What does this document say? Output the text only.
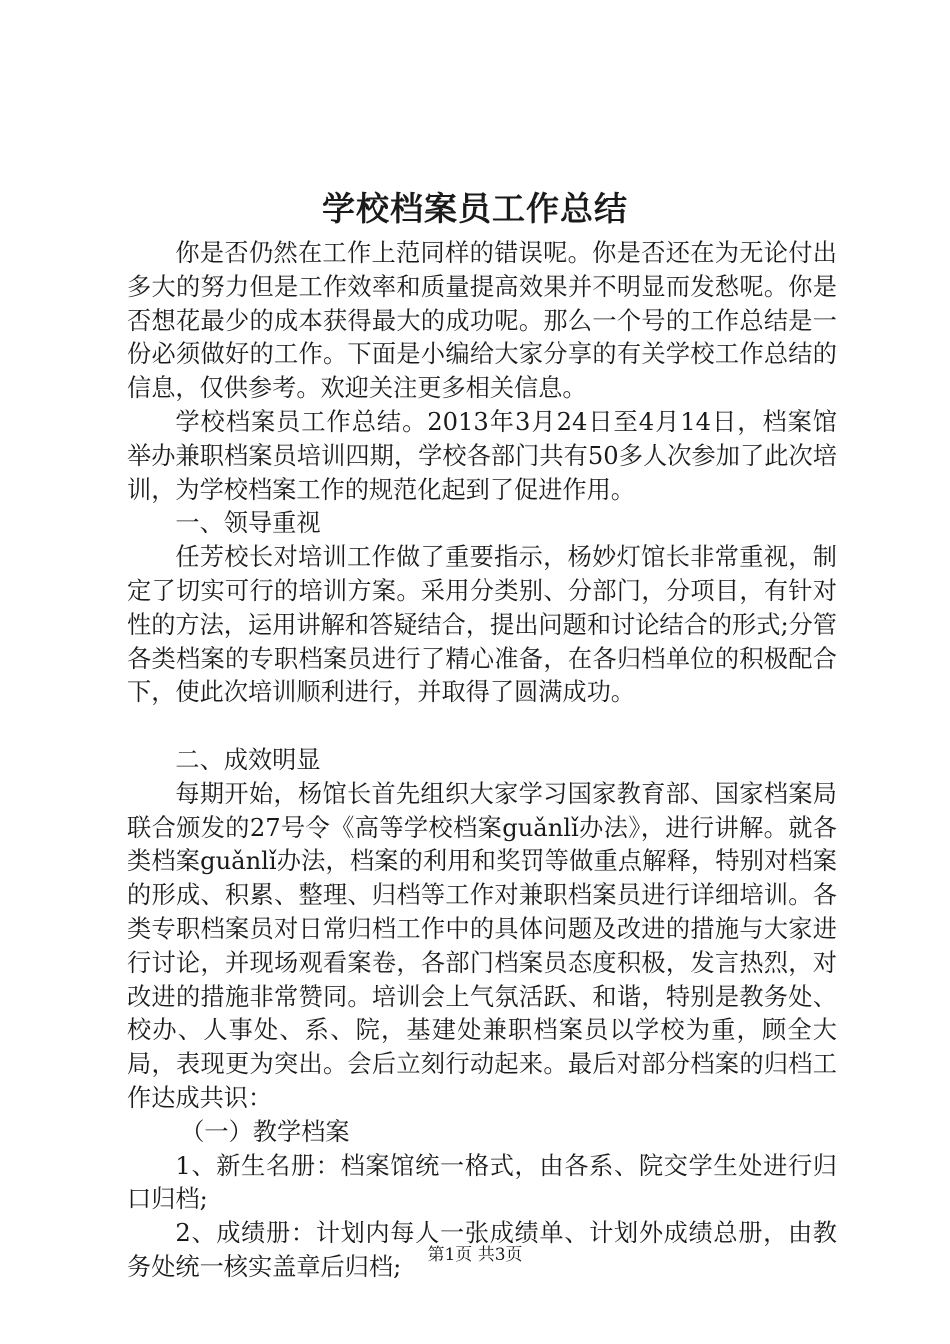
学校档案员工作总结

你是否仍然在工作上范同样的错误呢。你是否还在为无论付出多大的努力但是工作效率和质量提高效果并不明显而发愁呢。你是否想花最少的成本获得最大的成功呢。那么一个号的工作总结是一份必须做好的工作。下面是小编给大家分享的有关学校工作总结的信息，仅供参考。欢迎关注更多相关信息。

学校档案员工作总结。2013年3月24日至4月14日，档案馆举办兼职档案员培训四期，学校各部门共有50多人次参加了此次培训，为学校档案工作的规范化起到了促进作用。

一、领导重视

任芳校长对培训工作做了重要指示，杨妙灯馆长非常重视，制定了切实可行的培训方案。采用分类别、分部门，分项目，有针对性的方法，运用讲解和答疑结合，提出问题和讨论结合的形式;分管各类档案的专职档案员进行了精心准备，在各归档单位的积极配合下，使此次培训顺利进行，并取得了圆满成功。

二、成效明显

每期开始，杨馆长首先组织大家学习国家教育部、国家档案局联合颁发的27号令《高等学校档案guǎnlǐ办法》，进行讲解。就各类档案guǎnlǐ办法，档案的利用和奖罚等做重点解释，特别对档案的形成、积累、整理、归档等工作对兼职档案员进行详细培训。各类专职档案员对日常归档工作中的具体问题及改进的措施与大家进行讨论，并现场观看案卷，各部门档案员态度积极，发言热烈，对改进的措施非常赞同。培训会上气氛活跃、和谐，特别是教务处、校办、人事处、系、院，基建处兼职档案员以学校为重，顾全大局，表现更为突出。会后立刻行动起来。最后对部分档案的归档工作达成共识：

（一）教学档案

1、新生名册：档案馆统一格式，由各系、院交学生处进行归口归档;

2、成绩册：计划内每人一张成绩单、计划外成绩总册，由教务处统一核实盖章后归档;	第1页 共3页
